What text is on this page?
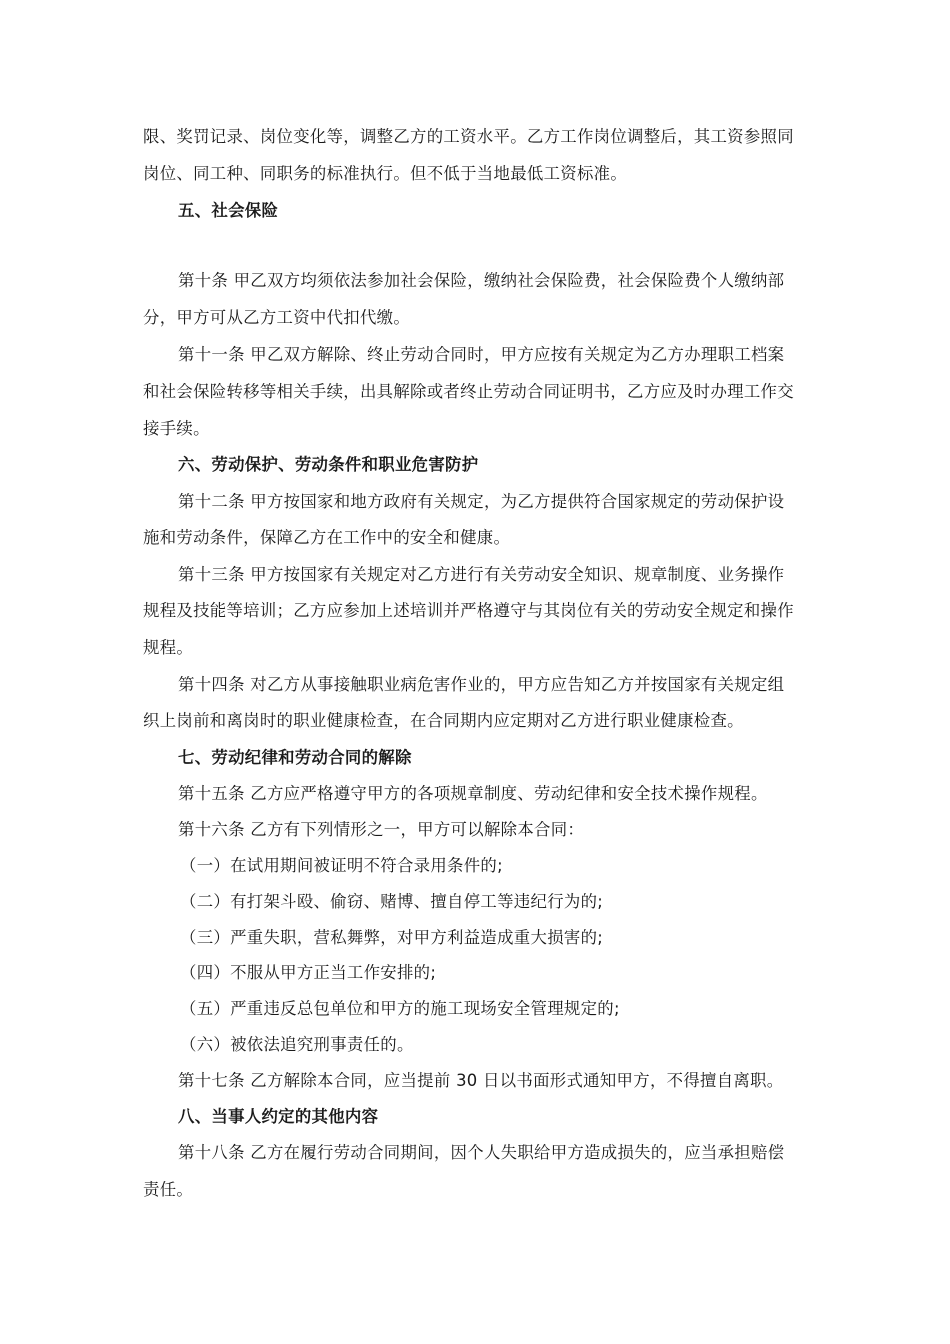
限、奖罚记录、岗位变化等，调整乙方的工资水平。乙方工作岗位调整后，其工资参照同
岗位、同工种、同职务的标准执行。但不低于当地最低工资标准。
五、社会保险
第十条 甲乙双方均须依法参加社会保险，缴纳社会保险费，社会保险费个人缴纳部
分，甲方可从乙方工资中代扣代缴。
第十一条 甲乙双方解除、终止劳动合同时，甲方应按有关规定为乙方办理职工档案
和社会保险转移等相关手续，出具解除或者终止劳动合同证明书，乙方应及时办理工作交
接手续。
六、劳动保护、劳动条件和职业危害防护
第十二条 甲方按国家和地方政府有关规定，为乙方提供符合国家规定的劳动保护设
施和劳动条件，保障乙方在工作中的安全和健康。
第十三条 甲方按国家有关规定对乙方进行有关劳动安全知识、规章制度、业务操作
规程及技能等培训；乙方应参加上述培训并严格遵守与其岗位有关的劳动安全规定和操作
规程。
第十四条 对乙方从事接触职业病危害作业的，甲方应告知乙方并按国家有关规定组
织上岗前和离岗时的职业健康检查，在合同期内应定期对乙方进行职业健康检查。
七、劳动纪律和劳动合同的解除
第十五条 乙方应严格遵守甲方的各项规章制度、劳动纪律和安全技术操作规程。
第十六条 乙方有下列情形之一，甲方可以解除本合同：
（一）在试用期间被证明不符合录用条件的;
（二）有打架斗殴、偷窃、赌博、擅自停工等违纪行为的;
（三）严重失职，营私舞弊，对甲方利益造成重大损害的;
（四）不服从甲方正当工作安排的;
（五）严重违反总包单位和甲方的施工现场安全管理规定的;
（六）被依法追究刑事责任的。
第十七条 乙方解除本合同，应当提前 30 日以书面形式通知甲方，不得擅自离职。
八、当事人约定的其他内容
第十八条 乙方在履行劳动合同期间，因个人失职给甲方造成损失的，应当承担赔偿
责任。
